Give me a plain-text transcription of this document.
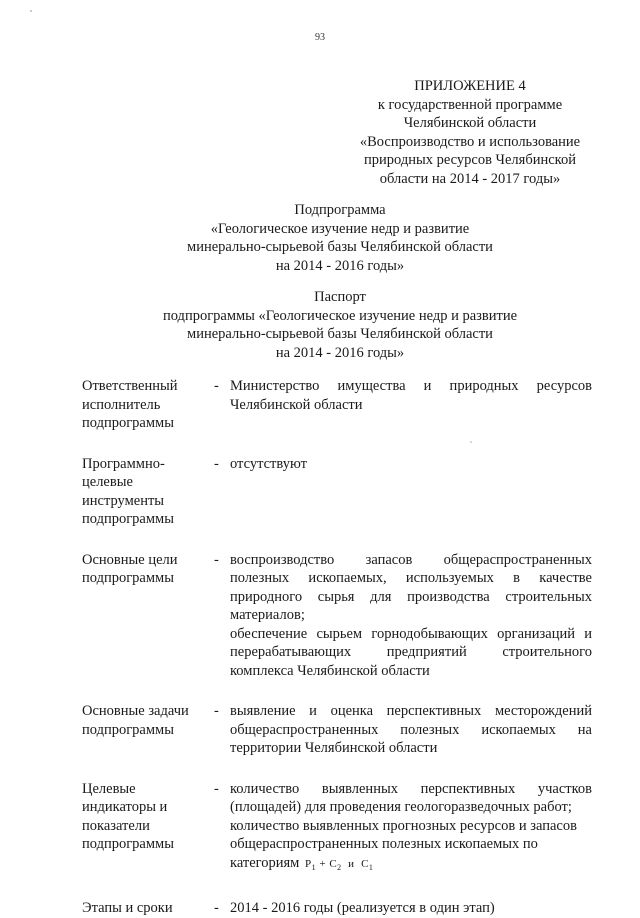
93
ПРИЛОЖЕНИЕ 4
к государственной программе
Челябинской области
«Воспроизводство и использование
природных ресурсов Челябинской
области на 2014 - 2017 годы»
Подпрограмма
«Геологическое изучение недр и развитие
минерально-сырьевой базы Челябинской области
на 2014 - 2016 годы»
Паспорт
подпрограммы «Геологическое изучение недр и развитие
минерально-сырьевой базы Челябинской области
на 2014 - 2016 годы»
Ответственный
исполнитель
подпрограммы
- Министерство имущества и природных ресурсов Челябинской области
Программно-
целевые
инструменты
подпрограммы
- отсутствуют
Основные цели
подпрограммы
- воспроизводство запасов общераспространенных полезных ископаемых, используемых в качестве природного сырья для производства строительных материалов;
обеспечение сырьем горнодобывающих организаций и перерабатывающих предприятий строительного комплекса Челябинской области
Основные задачи
подпрограммы
- выявление и оценка перспективных месторождений общераспространенных полезных ископаемых на территории Челябинской области
Целевые
индикаторы и
показатели
подпрограммы
- количество выявленных перспективных участков (площадей) для проведения геологоразведочных работ;
количество выявленных прогнозных ресурсов и запасов общераспространенных полезных ископаемых по категориям $P_1 + C_2$ и $C_1$
Этапы и сроки	- 2014 - 2016 годы (реализуется в один этап)
